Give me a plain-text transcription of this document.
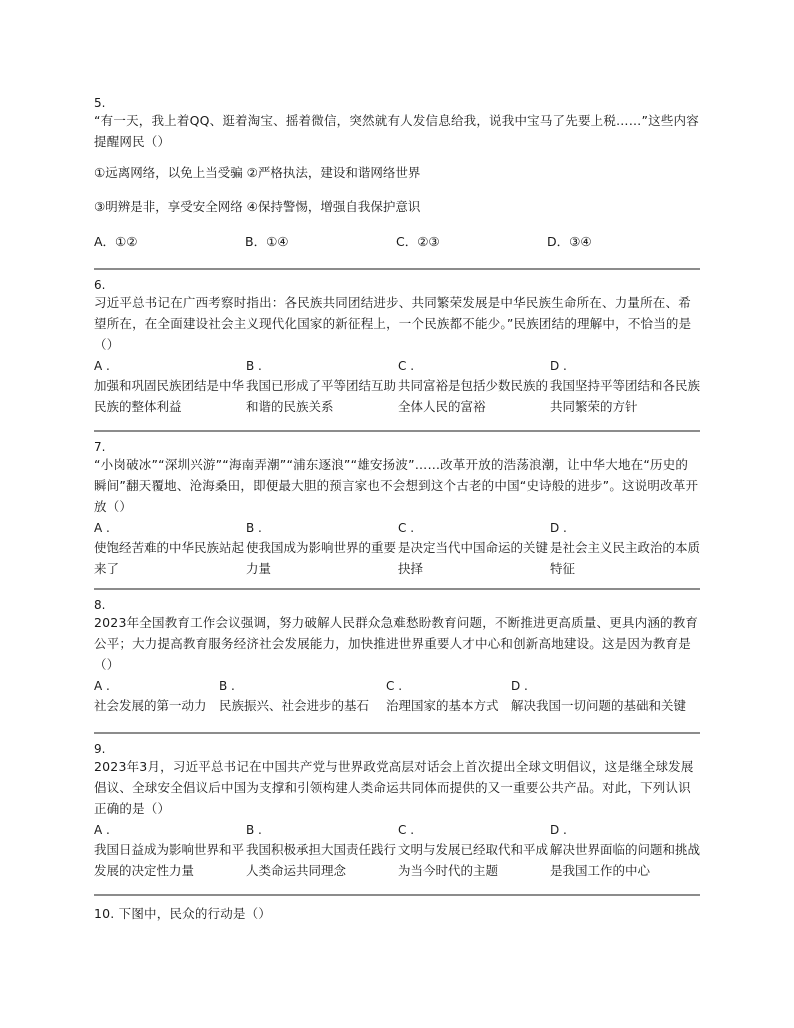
5.
“有一天，我上着QQ、逛着淘宝、摇着微信，突然就有人发信息给我，说我中宝马了先要上税……”这些内容提醒网民（）
①远离网络，以免上当受骗 ②严格执法，建设和谐网络世界
③明辨是非，享受安全网络 ④保持警惕，增强自我保护意识
A．①②	B．①④	C．②③	D．③④
6.
习近平总书记在广西考察时指出：各民族共同团结进步、共同繁荣发展是中华民族生命所在、力量所在、希望所在，在全面建设社会主义现代化国家的新征程上，一个民族都不能少。”民族团结的理解中，不恰当的是（）
A .
加强和巩固民族团结是中华民族的整体利益
B .
我国已形成了平等团结互助和谐的民族关系
C .
共同富裕是包括少数民族的全体人民的富裕
D .
我国坚持平等团结和各民族共同繁荣的方针
7.
“小岗破冰”“深圳兴游”“海南弄潮”“浦东逐浪”“雄安扬波”……改革开放的浩荡浪潮，让中华大地在“历史的瞬间”翻天覆地、沧海桑田，即便最大胆的预言家也不会想到这个古老的中国“史诗般的进步”。这说明改革开放（）
A .
使饱经苦难的中华民族站起来了
B .
使我国成为影响世界的重要力量
C .
是决定当代中国命运的关键抉择
D .
是社会主义民主政治的本质特征
8.
2023年全国教育工作会议强调，努力破解人民群众急难愁盼教育问题，不断推进更高质量、更具内涵的教育公平；大力提高教育服务经济社会发展能力，加快推进世界重要人才中心和创新高地建设。这是因为教育是（）
A .
社会发展的第一动力
B .
民族振兴、社会进步的基石
C .
治理国家的基本方式
D .
解决我国一切问题的基础和关键
9.
2023年3月，习近平总书记在中国共产党与世界政党高层对话会上首次提出全球文明倡议，这是继全球发展倡议、全球安全倡议后中国为支撑和引领构建人类命运共同体而提供的又一重要公共产品。对此，下列认识正确的是（）
A .
我国日益成为影响世界和平发展的决定性力量
B .
我国积极承担大国责任践行人类命运共同理念
C .
文明与发展已经取代和平成为当今时代的主题
D .
解决世界面临的问题和挑战是我国工作的中心
10. 下图中，民众的行动是（）
